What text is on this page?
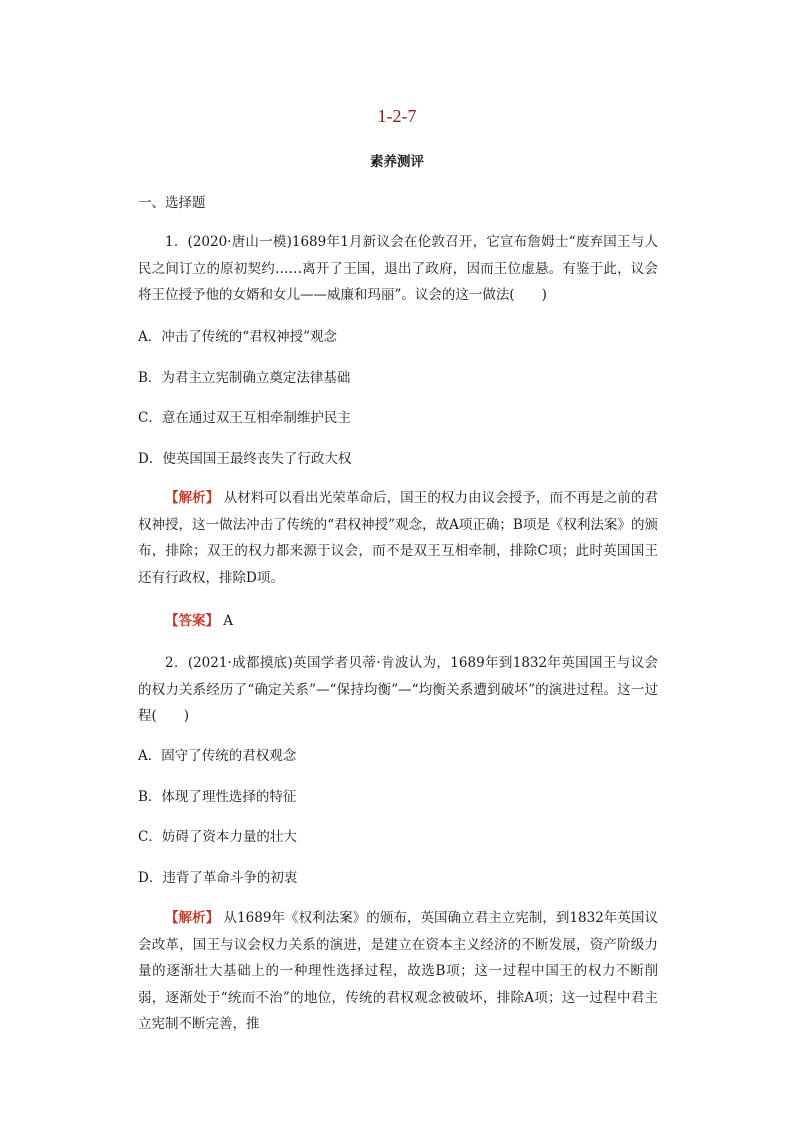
1-2-7
素养测评
一、选择题
1．(2020·唐山一模)1689年1月新议会在伦敦召开，它宣布詹姆士“废弃国王与人民之间订立的原初契约……离开了王国，退出了政府，因而王位虚悬。有鉴于此，议会将王位授予他的女婿和女儿——威廉和玛丽”。议会的这一做法(　　)
A．冲击了传统的“君权神授”观念
B．为君主立宪制确立奠定法律基础
C．意在通过双王互相牵制维护民主
D．使英国国王最终丧失了行政大权
【解析】 从材料可以看出光荣革命后，国王的权力由议会授予，而不再是之前的君权神授，这一做法冲击了传统的“君权神授”观念，故A项正确；B项是《权利法案》的颁布，排除；双王的权力都来源于议会，而不是双王互相牵制，排除C项；此时英国国王还有行政权，排除D项。
【答案】 A
2．(2021·成都摸底)英国学者贝蒂·肯波认为，1689年到1832年英国国王与议会的权力关系经历了“确定关系”—“保持均衡”—“均衡关系遭到破坏”的演进过程。这一过程(　　)
A．固守了传统的君权观念
B．体现了理性选择的特征
C．妨碍了资本力量的壮大
D．违背了革命斗争的初衷
【解析】 从1689年《权利法案》的颁布，英国确立君主立宪制，到1832年英国议会改革，国王与议会权力关系的演进，是建立在资本主义经济的不断发展，资产阶级力量的逐渐壮大基础上的一种理性选择过程，故选B项；这一过程中国王的权力不断削弱，逐渐处于“统而不治”的地位，传统的君权观念被破坏，排除A项；这一过程中君主立宪制不断完善，推
